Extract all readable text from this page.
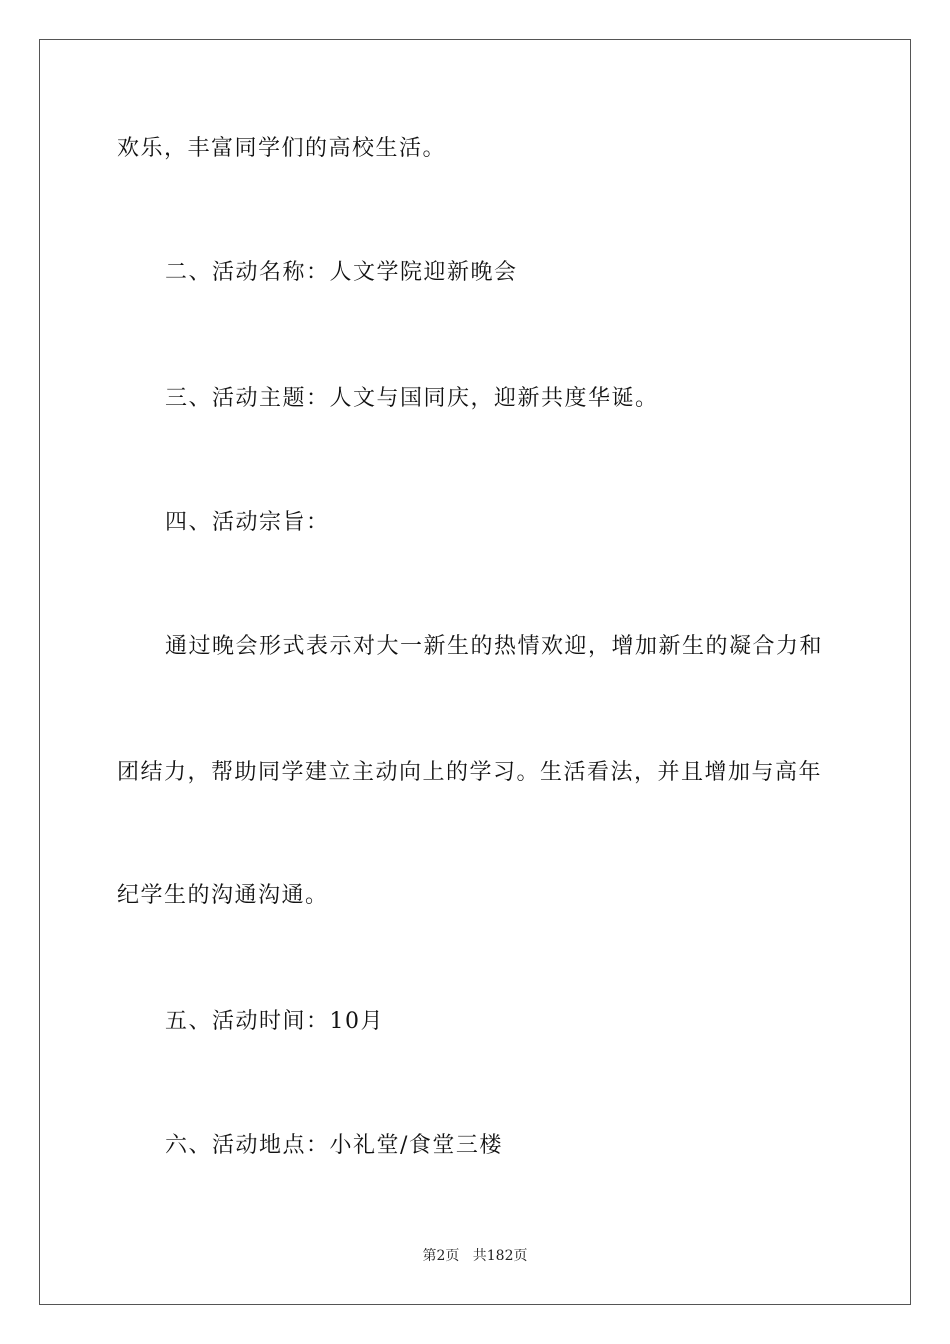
欢乐，丰富同学们的高校生活。
二、活动名称：人文学院迎新晚会
三、活动主题：人文与国同庆，迎新共度华诞。
四、活动宗旨：
通过晚会形式表示对大一新生的热情欢迎，增加新生的凝合力和
团结力，帮助同学建立主动向上的学习。生活看法，并且增加与高年
纪学生的沟通沟通。
五、活动时间：10月
六、活动地点：小礼堂/食堂三楼
第2页   共182页
